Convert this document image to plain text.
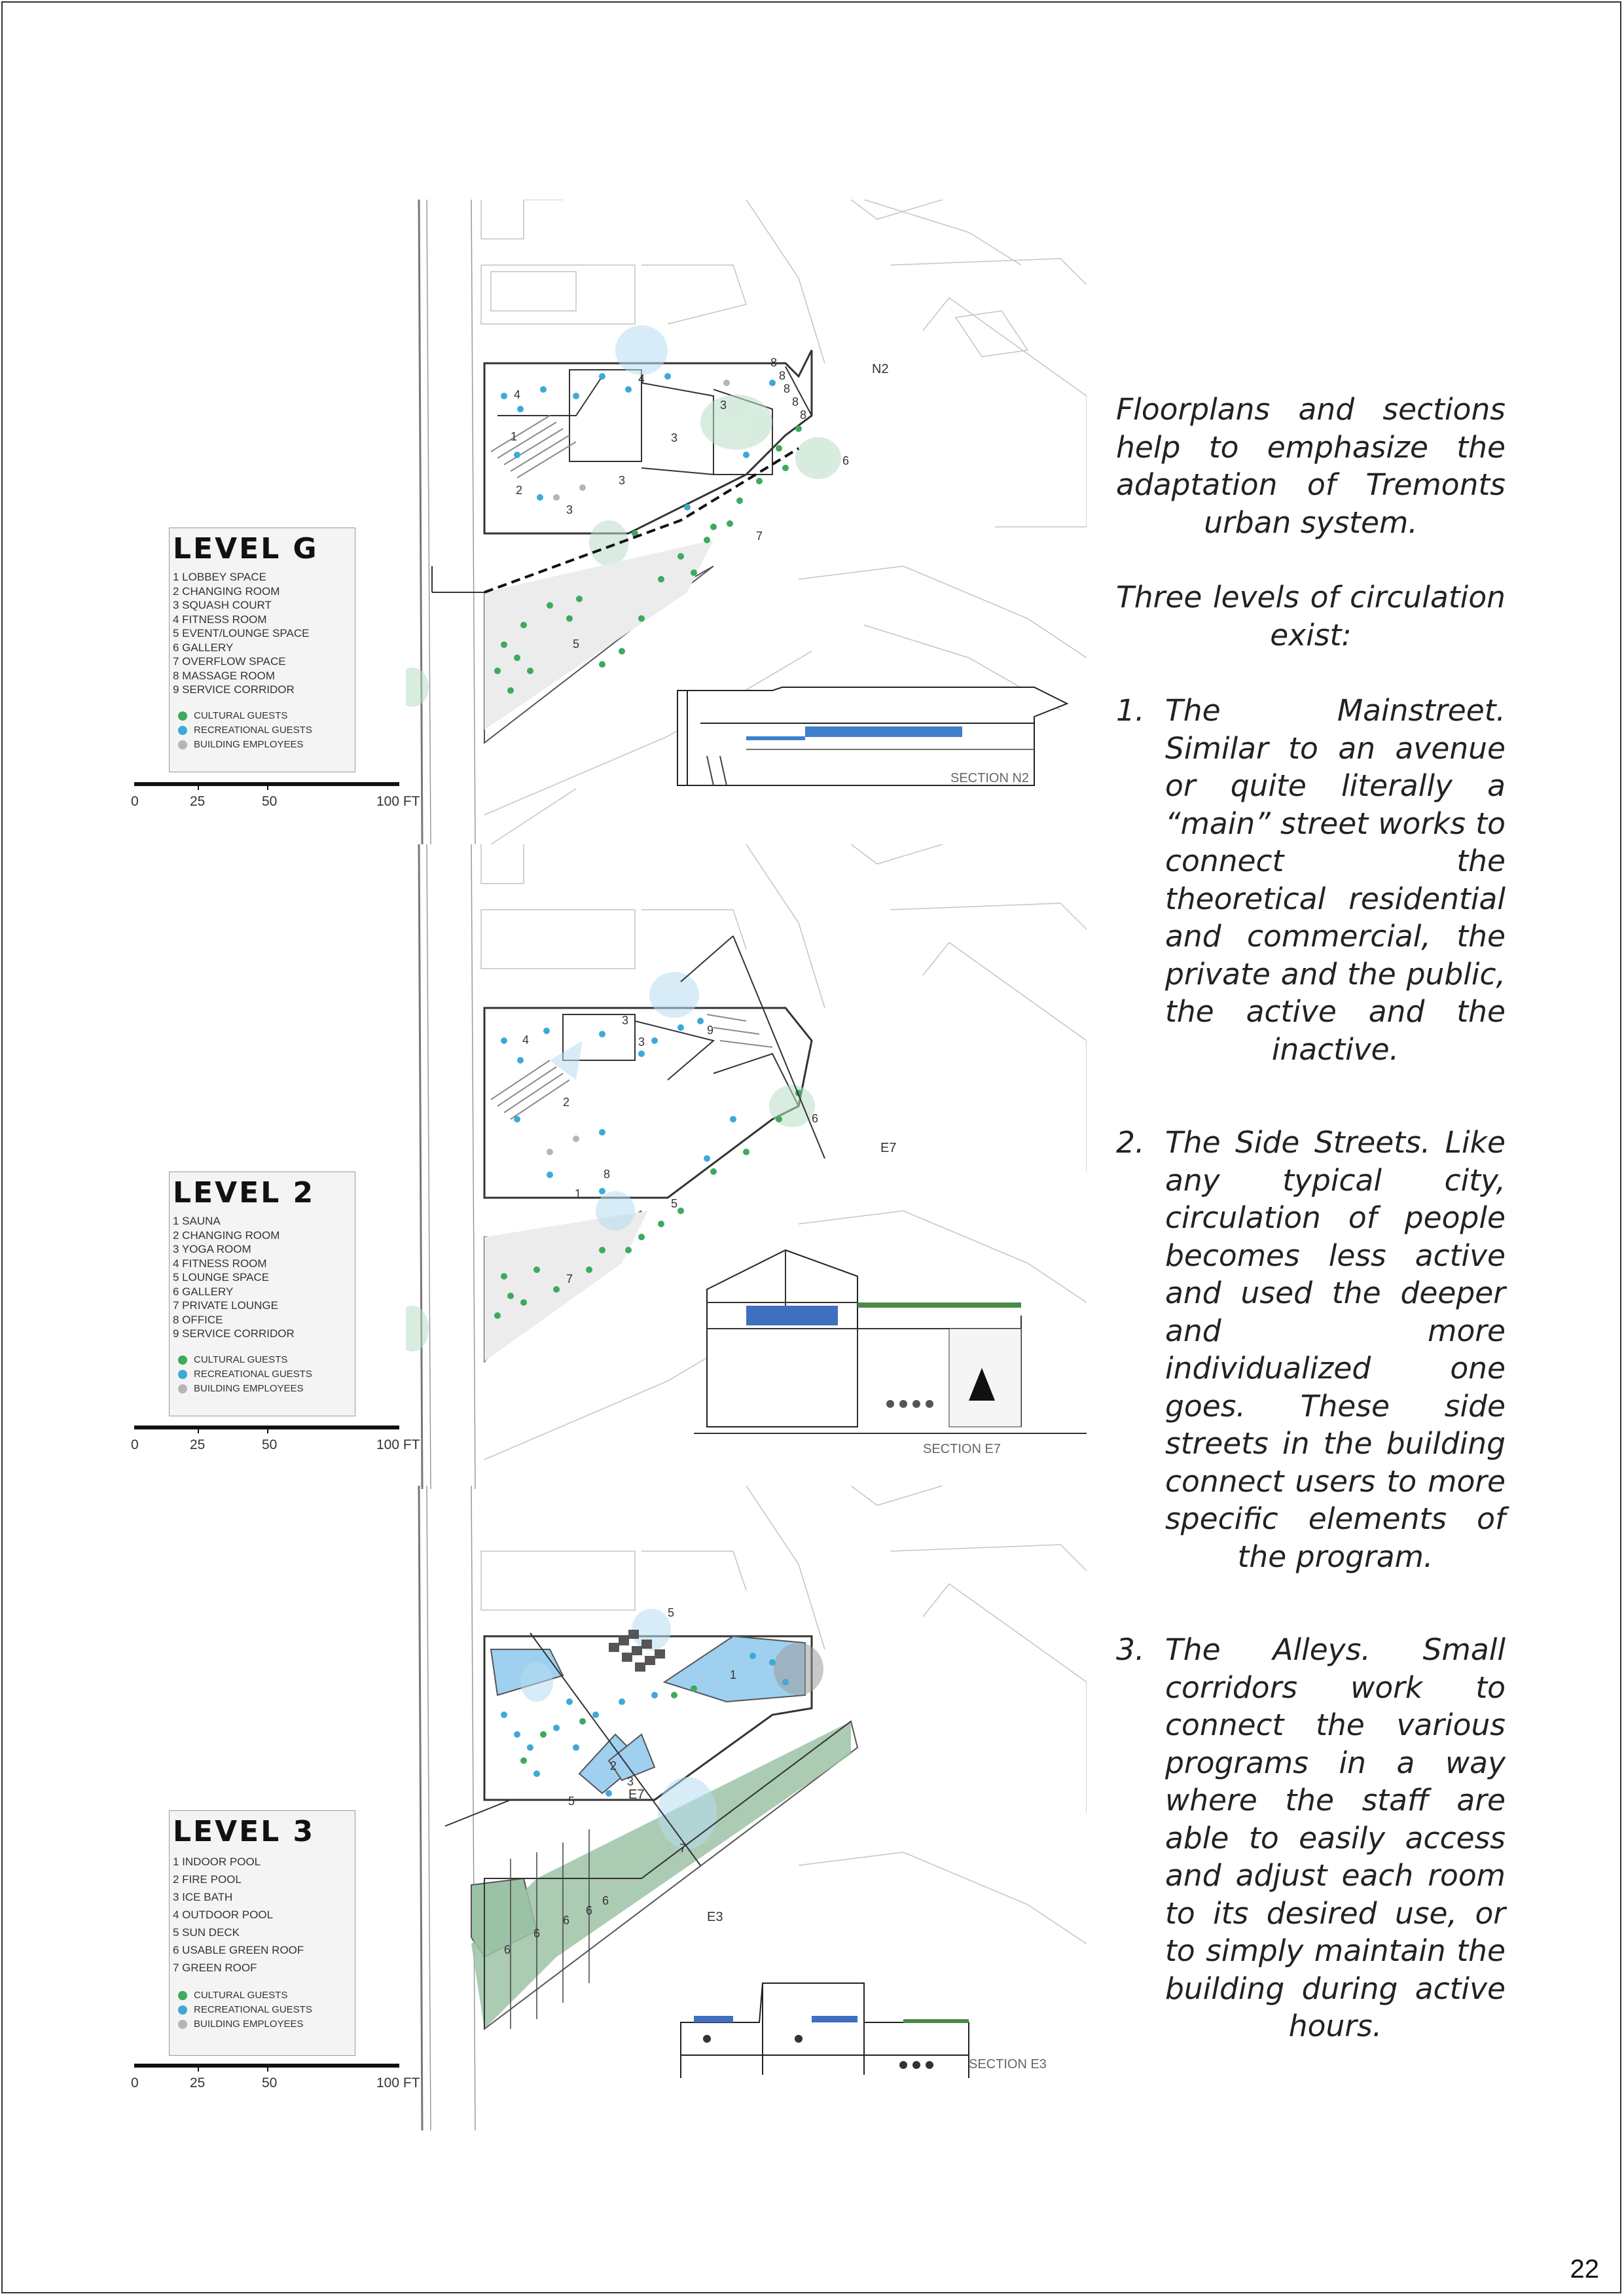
4
4
3
3
3
3
8
8
8
8
8
6
7
2
1
5
N2
SECTION N2
4
3
3
9
2
1
8
6
5
7
E7
SECTION E7
5
1
2
3
5
7
6
6
6
6
6
E3
E7
SECTION E3
LEVEL G
1 LOBBEY SPACE
2 CHANGING ROOM
3 SQUASH COURT
4 FITNESS ROOM
5 EVENT/LOUNGE SPACE
6 GALLERY
7 OVERFLOW SPACE
8 MASSAGE ROOM
9 SERVICE CORRIDOR
CULTURAL GUESTS
RECREATIONAL GUESTS
BUILDING EMPLOYEES
LEVEL 2
1 SAUNA
2 CHANGING ROOM
3 YOGA ROOM
4 FITNESS ROOM
5 LOUNGE SPACE
6 GALLERY
7 PRIVATE LOUNGE
8 OFFICE
9 SERVICE CORRIDOR
CULTURAL GUESTS
RECREATIONAL GUESTS
BUILDING EMPLOYEES
LEVEL 3
1 INDOOR POOL
2 FIRE POOL
3 ICE BATH
4 OUTDOOR POOL
5 SUN DECK
6 USABLE GREEN ROOF
7 GREEN ROOF
CULTURAL GUESTS
RECREATIONAL GUESTS
BUILDING EMPLOYEES
0	25	50	100 FT
0	25	50	100 FT
0	25	50	100 FT

Floorplans and sections help to emphasize the adaptation of Tremonts urban system.

Three levels of circulation exist:

1. The Mainstreet. Similar to an avenue or quite literally a “main” street works to connect the theoretical residential and commercial, the private and the public, the active and the inactive.
2. The Side Streets. Like any typical city, circulation of people becomes less active and used the deeper and more individualized one goes. These side streets in the building connect users to more specific elements of the program.
3. The Alleys. Small corridors work to connect the various programs in a way where the staff are able to easily access and adjust each room to its desired use, or to simply maintain the building during active hours.
22
